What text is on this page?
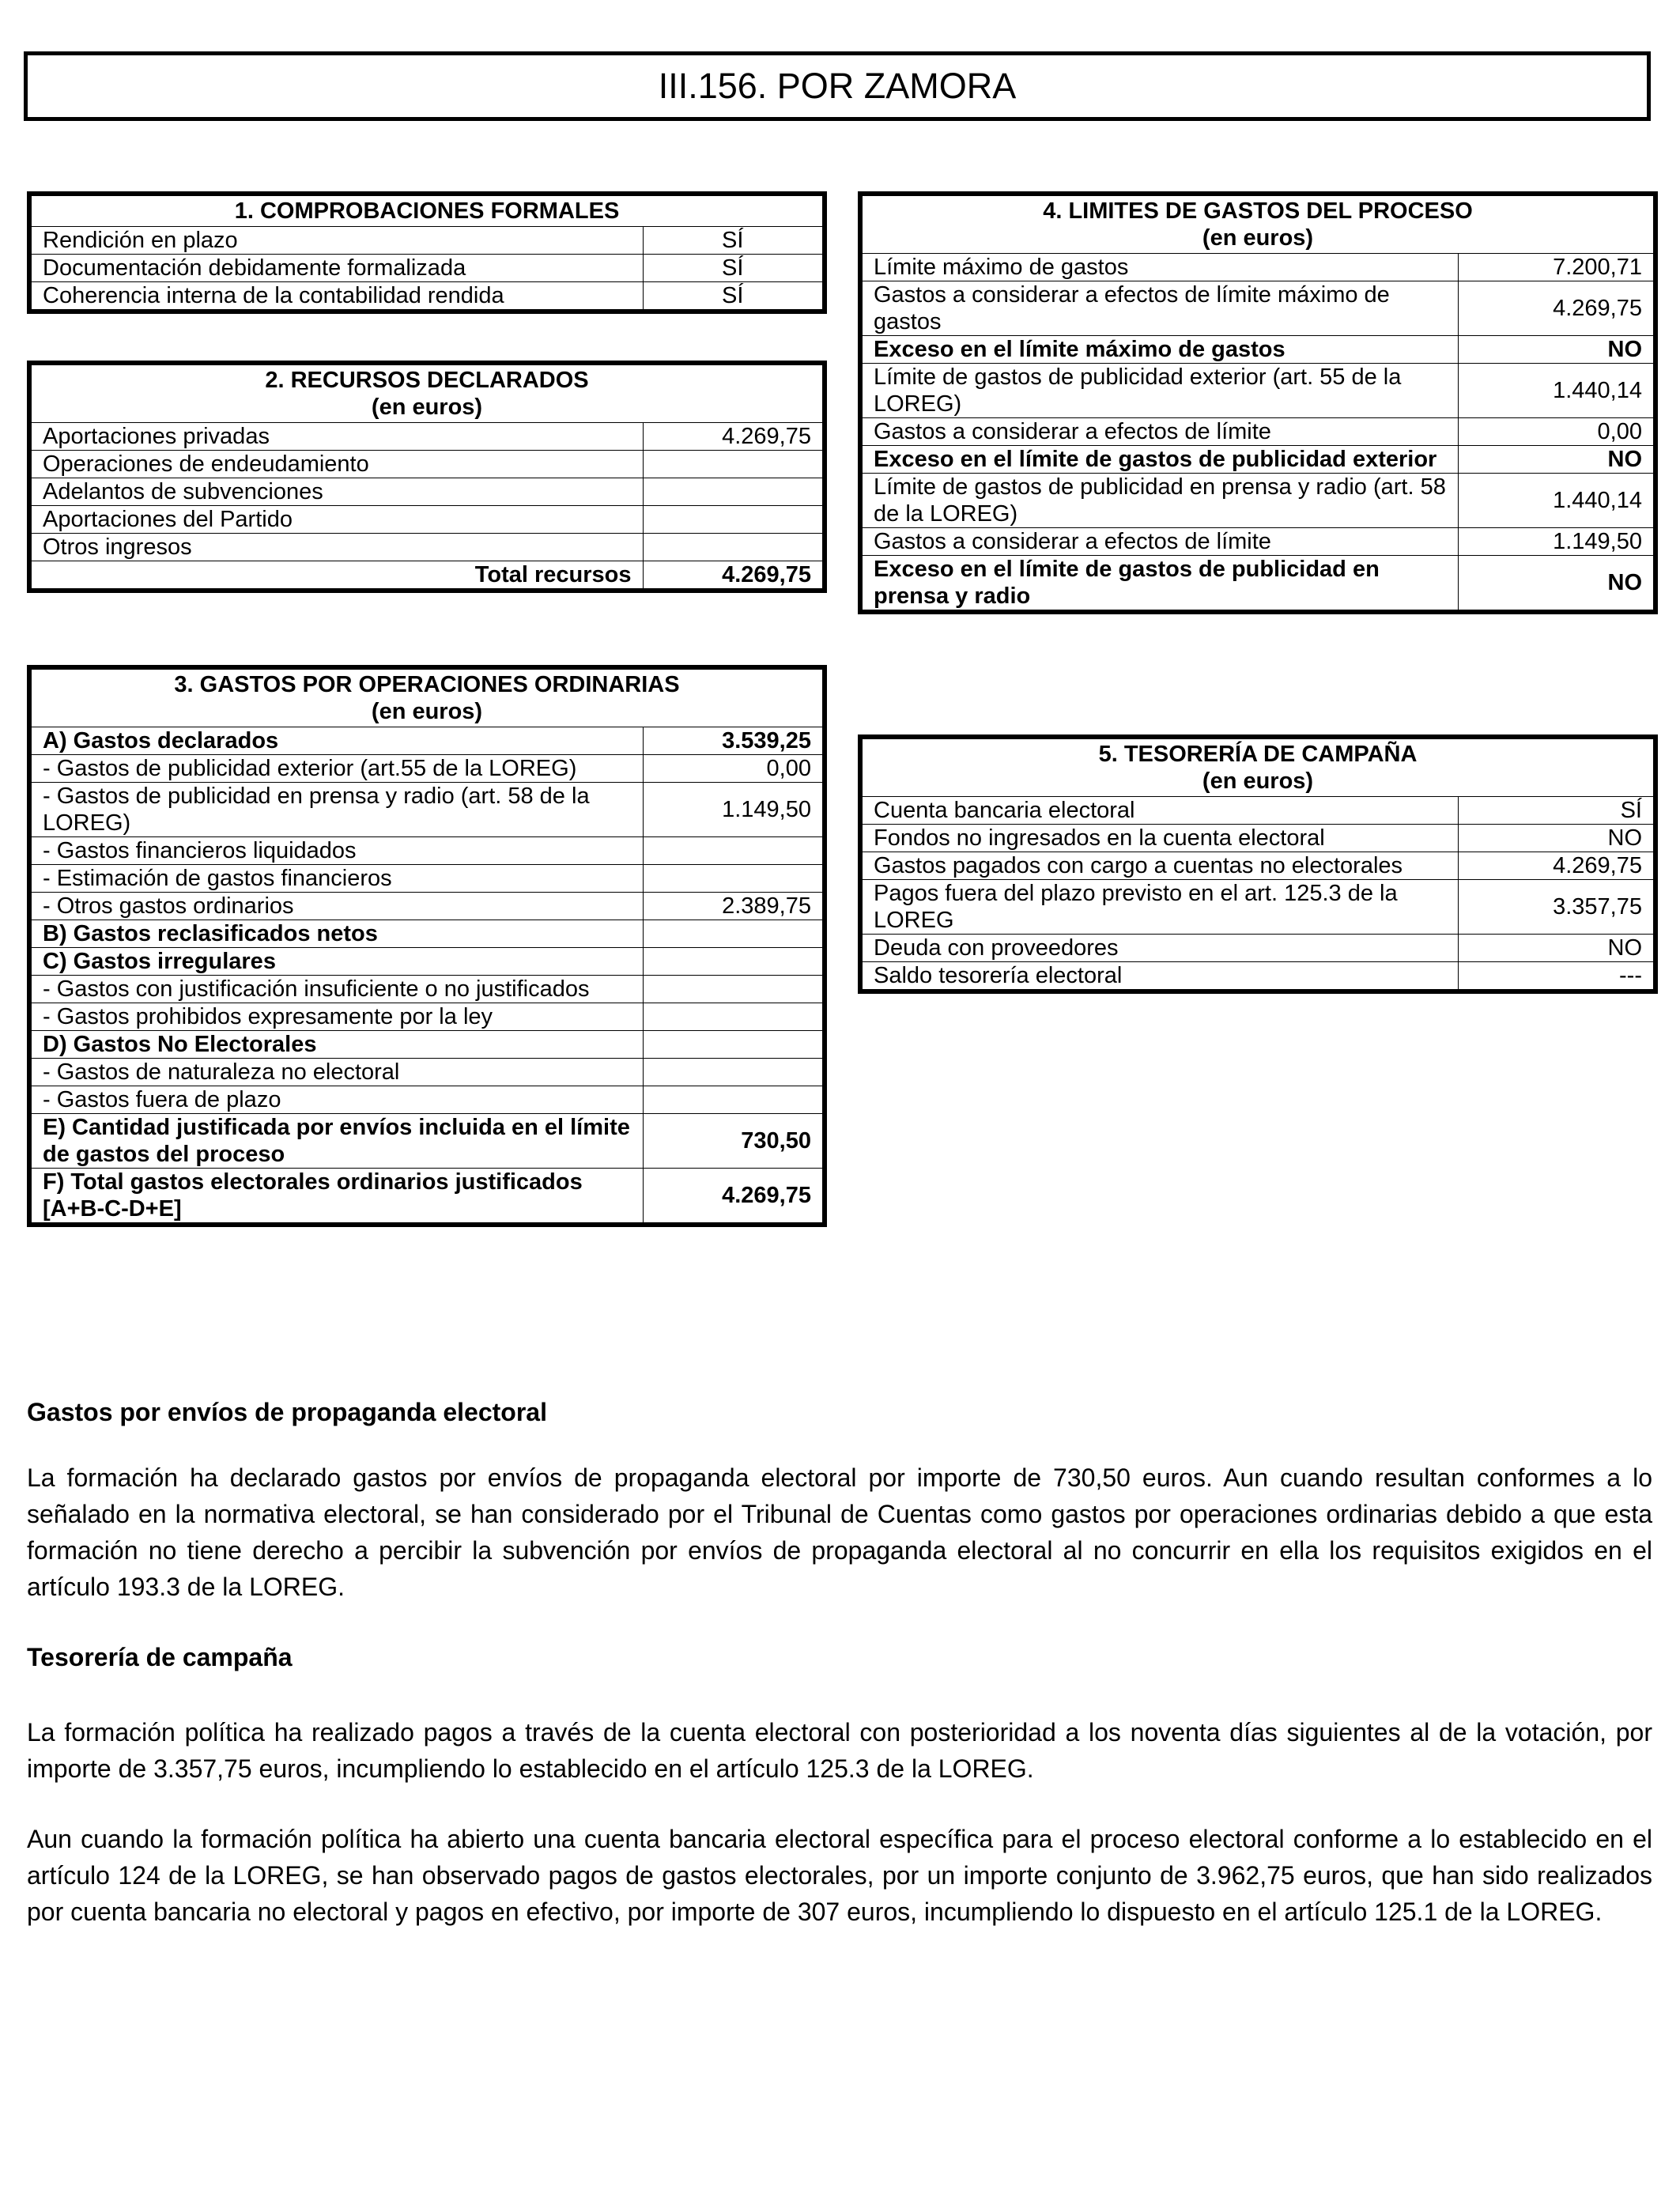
III.156. POR ZAMORA
1. COMPROBACIONES FORMALES	
Rendición en plazo	SÍ
Documentación debidamente formalizada	SÍ
Coherencia interna de la contabilidad rendida	SÍ
2. RECURSOS DECLARADOS
(en euros)	
Aportaciones privadas	4.269,75
Operaciones de endeudamiento	
Adelantos de subvenciones	
Aportaciones del Partido	
Otros ingresos	
Total recursos	4.269,75
3. GASTOS POR OPERACIONES ORDINARIAS
(en euros)	
A) Gastos declarados	3.539,25
- Gastos de publicidad exterior (art.55 de la LOREG)	0,00
- Gastos de publicidad en prensa y radio (art. 58 de la LOREG)	1.149,50
- Gastos financieros liquidados	
- Estimación de gastos financieros	
- Otros gastos ordinarios	2.389,75
B) Gastos reclasificados netos	
C) Gastos irregulares	
- Gastos con justificación insuficiente o no justificados	
- Gastos prohibidos expresamente por la ley	
D) Gastos No Electorales	
- Gastos de naturaleza no electoral	
- Gastos fuera de plazo	
E) Cantidad justificada por envíos incluida en el límite de gastos del proceso	730,50
F) Total gastos electorales ordinarios justificados [A+B-C-D+E]	4.269,75
4. LIMITES DE GASTOS DEL PROCESO
(en euros)	
Límite máximo de gastos	7.200,71
Gastos a considerar a efectos de límite máximo de gastos	4.269,75
Exceso en el límite máximo de gastos	NO
Límite de gastos de publicidad exterior (art. 55 de la LOREG)	1.440,14
Gastos a considerar a efectos de límite	0,00
Exceso en el límite de gastos de publicidad exterior	NO
Límite de gastos de publicidad en prensa y radio (art. 58 de la LOREG)	1.440,14
Gastos a considerar a efectos de límite	1.149,50
Exceso en el límite de gastos de publicidad en prensa y radio	NO
5. TESORERÍA DE CAMPAÑA
(en euros)	
Cuenta bancaria electoral	SÍ
Fondos no ingresados en la cuenta electoral	NO
Gastos pagados con cargo a cuentas no electorales	4.269,75
Pagos fuera del plazo previsto en el art. 125.3 de la LOREG	3.357,75
Deuda con proveedores	NO
Saldo tesorería electoral	---
Gastos por envíos de propaganda electoral
La formación ha declarado gastos por envíos de propaganda electoral por importe de 730,50 euros. Aun cuando resultan conformes a lo señalado en la normativa electoral, se han considerado por el Tribunal de Cuentas como gastos por operaciones ordinarias debido a que esta formación no tiene derecho a percibir la subvención por envíos de propaganda electoral al no concurrir en ella los requisitos exigidos en el artículo 193.3 de la LOREG.
Tesorería de campaña
La formación política ha realizado pagos a través de la cuenta electoral con posterioridad a los noventa días siguientes al de la votación, por importe de 3.357,75 euros, incumpliendo lo establecido en el artículo 125.3 de la LOREG.
Aun cuando la formación política ha abierto una cuenta bancaria electoral específica para el proceso electoral conforme a lo establecido en el artículo 124 de la LOREG, se han observado pagos de gastos electorales, por un importe conjunto de 3.962,75 euros, que han sido realizados por cuenta bancaria no electoral y pagos en efectivo, por importe de 307 euros, incumpliendo lo dispuesto en el artículo 125.1 de la LOREG.
